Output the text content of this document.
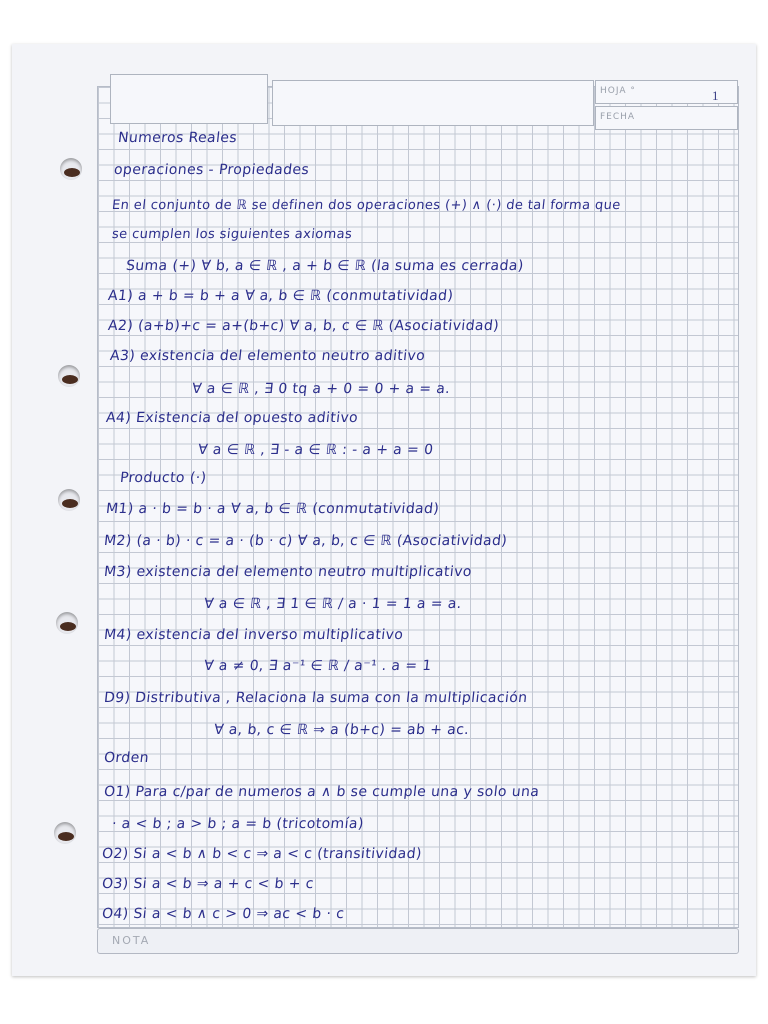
HOJA °	1
FECHA
Numeros Reales
operaciones - Propiedades
En el conjunto de ℝ se definen dos operaciones (+) ∧ (·) de tal forma que
se cumplen los siguientes axiomas
Suma (+) ∀ b, a ∈ ℝ , a + b ∈ ℝ (la suma es cerrada)
A1) a + b = b + a ∀ a, b ∈ ℝ (conmutatividad)
A2) (a+b)+c = a+(b+c) ∀ a, b, c ∈ ℝ (Asociatividad)
A3) existencia del elemento neutro aditivo
∀ a ∈ ℝ , ∃ 0 tq a + 0 = 0 + a = a.
A4) Existencia del opuesto aditivo
∀ a ∈ ℝ , ∃ - a ∈ ℝ : - a + a = 0
Producto (·)
M1) a · b = b · a ∀ a, b ∈ ℝ (conmutatividad)
M2) (a · b) · c = a · (b · c) ∀ a, b, c ∈ ℝ (Asociatividad)
M3) existencia del elemento neutro multiplicativo
∀ a ∈ ℝ , ∃ 1 ∈ ℝ / a · 1 = 1 a = a.
M4) existencia del inverso multiplicativo
∀ a ≠ 0, ∃ a⁻¹ ∈ ℝ / a⁻¹ . a = 1
D9) Distributiva , Relaciona la suma con la multiplicación
∀ a, b, c ∈ ℝ ⇒ a (b+c) = ab + ac.
Orden
O1) Para c/par de numeros a ∧ b se cumple una y solo una
· a < b ; a > b ; a = b (tricotomía)
O2) Si a < b ∧ b < c ⇒ a < c (transitividad)
O3) Si a < b ⇒ a + c < b + c
O4) Si a < b ∧ c > 0 ⇒ ac < b · c
NOTA
